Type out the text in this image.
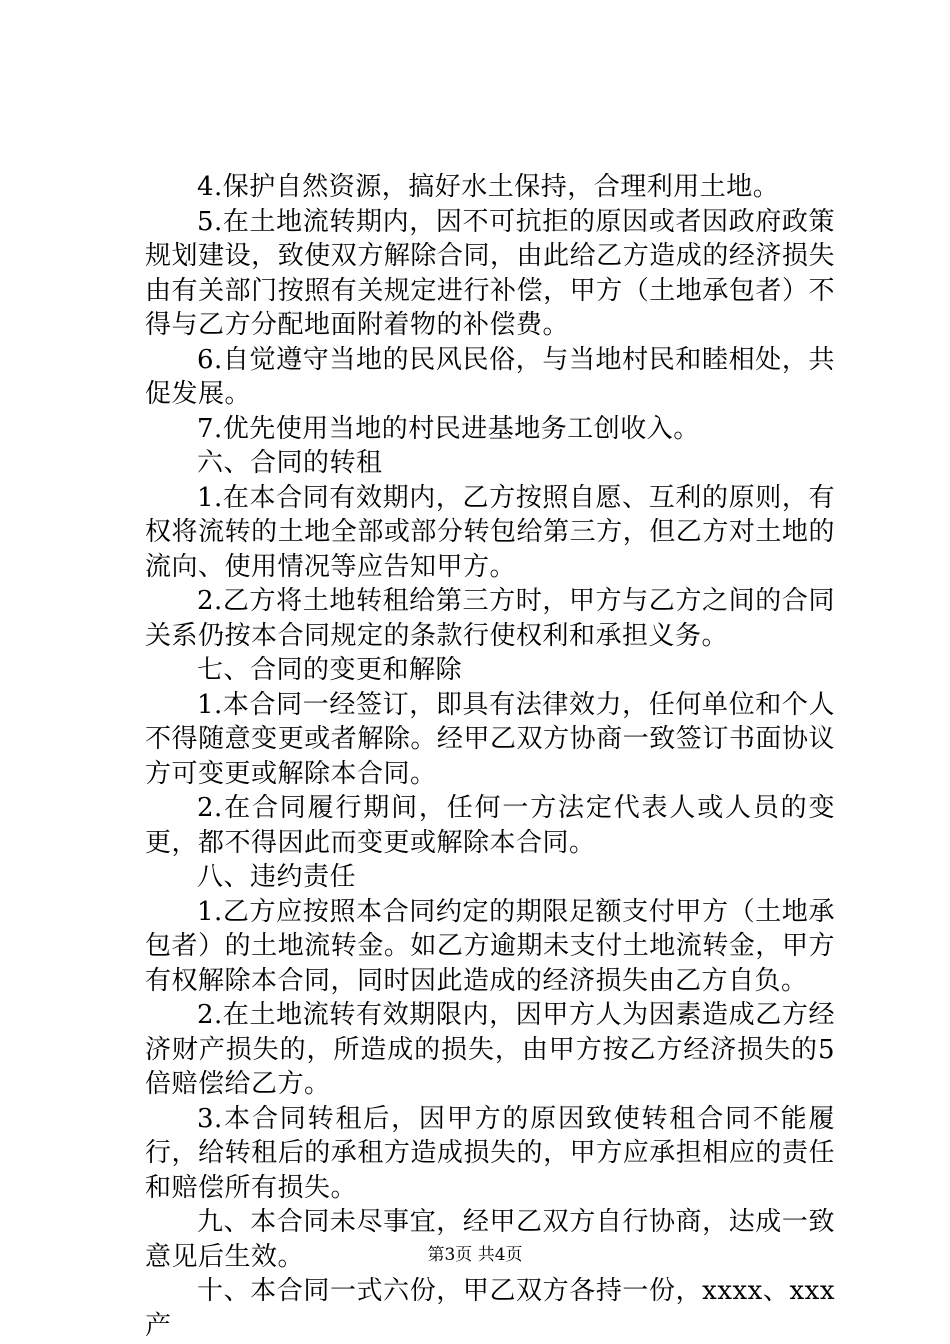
4.保护自然资源，搞好水土保持，合理利用土地。

5.在土地流转期内，因不可抗拒的原因或者因政府政策规划建设，致使双方解除合同，由此给乙方造成的经济损失由有关部门按照有关规定进行补偿，甲方（土地承包者）不得与乙方分配地面附着物的补偿费。

6.自觉遵守当地的民风民俗，与当地村民和睦相处，共促发展。

7.优先使用当地的村民进基地务工创收入。

六、合同的转租

1.在本合同有效期内，乙方按照自愿、互利的原则，有权将流转的土地全部或部分转包给第三方，但乙方对土地的流向、使用情况等应告知甲方。

2.乙方将土地转租给第三方时，甲方与乙方之间的合同关系仍按本合同规定的条款行使权利和承担义务。

七、合同的变更和解除

1.本合同一经签订，即具有法律效力，任何单位和个人不得随意变更或者解除。经甲乙双方协商一致签订书面协议方可变更或解除本合同。

2.在合同履行期间，任何一方法定代表人或人员的变更，都不得因此而变更或解除本合同。

八、违约责任

1.乙方应按照本合同约定的期限足额支付甲方（土地承包者）的土地流转金。如乙方逾期未支付土地流转金，甲方有权解除本合同，同时因此造成的经济损失由乙方自负。

2.在土地流转有效期限内，因甲方人为因素造成乙方经济财产损失的，所造成的损失，由甲方按乙方经济损失的5倍赔偿给乙方。

3.本合同转租后，因甲方的原因致使转租合同不能履行，给转租后的承租方造成损失的，甲方应承担相应的责任和赔偿所有损失。

九、本合同未尽事宜，经甲乙双方自行协商，达成一致意见后生效。

十、本合同一式六份，甲乙双方各持一份，xxxx、xxx产

第3页 共4页
